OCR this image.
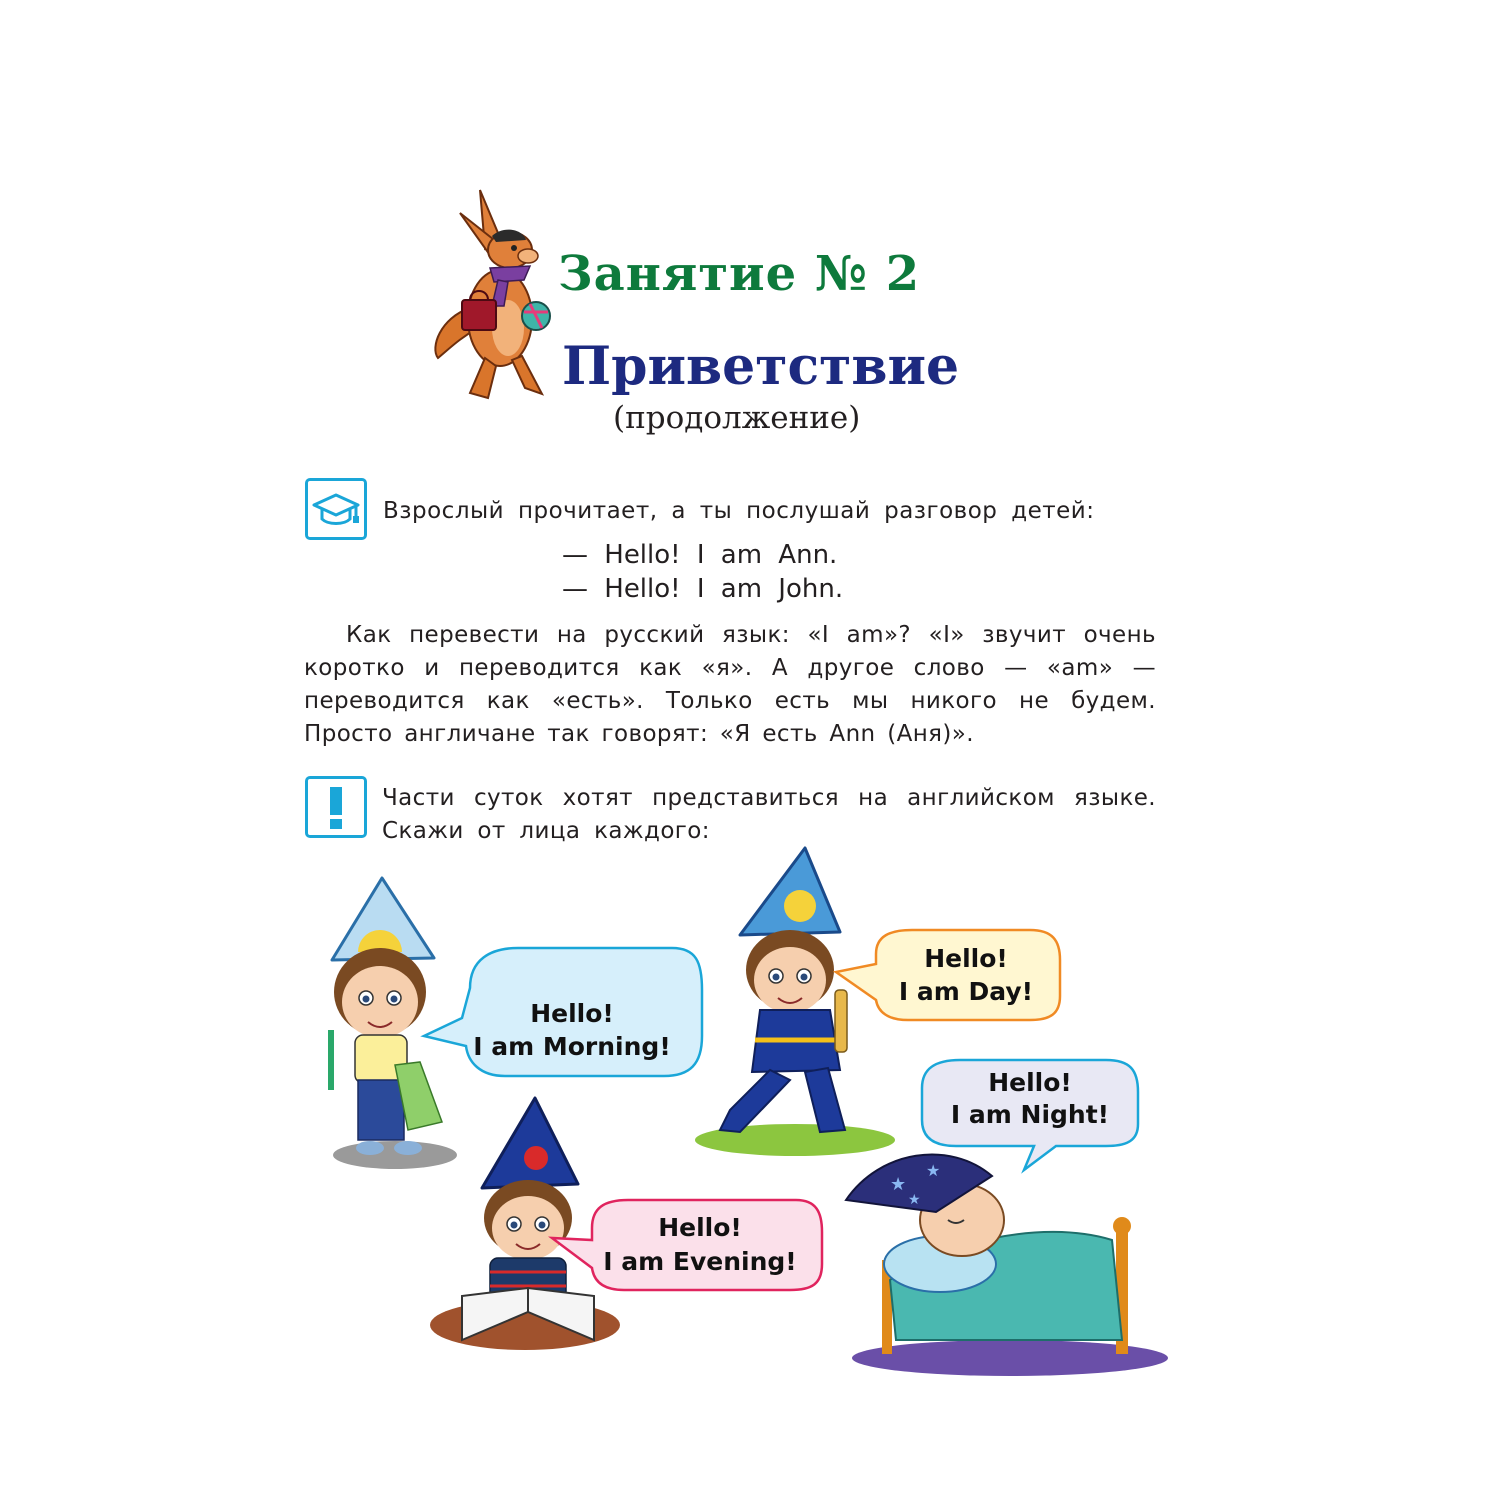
Занятие № 2
Приветствие
(продолжение)
Взрослый прочитает, а ты послушай разговор детей:
— Hello! I am Ann.
— Hello! I am John.

Как перевести на русский язык: «I am»? «I» звучит очень коротко и переводится как «я». А другое слово — «am» — переводится как «есть». Только есть мы никого не будем. Просто англичане так говорят: «Я есть Ann (Аня)».

Части суток хотят представиться на английском языке.
Скажи от лица каждого:
Hello!
I am Morning!
Hello!
I am Day!
Hello!
I am Night!
Hello!
I am Evening!
★
★
★
